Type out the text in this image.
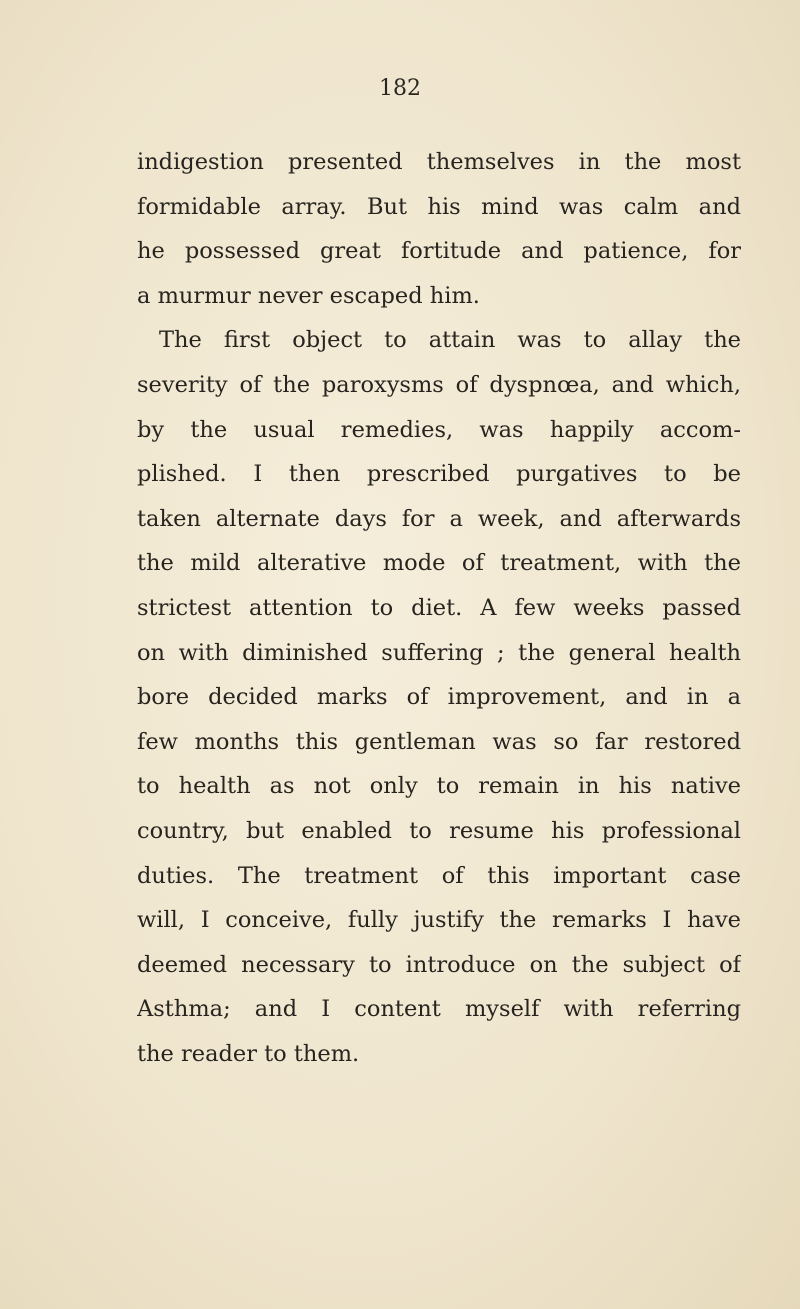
182
indigestion presented themselves in the most
formidable array. But his mind was calm and
he possessed great fortitude and patience, for
a murmur never escaped him.
The first object to attain was to allay the
severity of the paroxysms of dyspnœa, and which,
by the usual remedies, was happily accom-
plished. I then prescribed purgatives to be
taken alternate days for a week, and afterwards
the mild alterative mode of treatment, with the
strictest attention to diet. A few weeks passed
on with diminished suffering ; the general health
bore decided marks of improvement, and in a
few months this gentleman was so far restored
to health as not only to remain in his native
country, but enabled to resume his professional
duties. The treatment of this important case
will, I conceive, fully justify the remarks I have
deemed necessary to introduce on the subject of
Asthma; and I content myself with referring
the reader to them.
